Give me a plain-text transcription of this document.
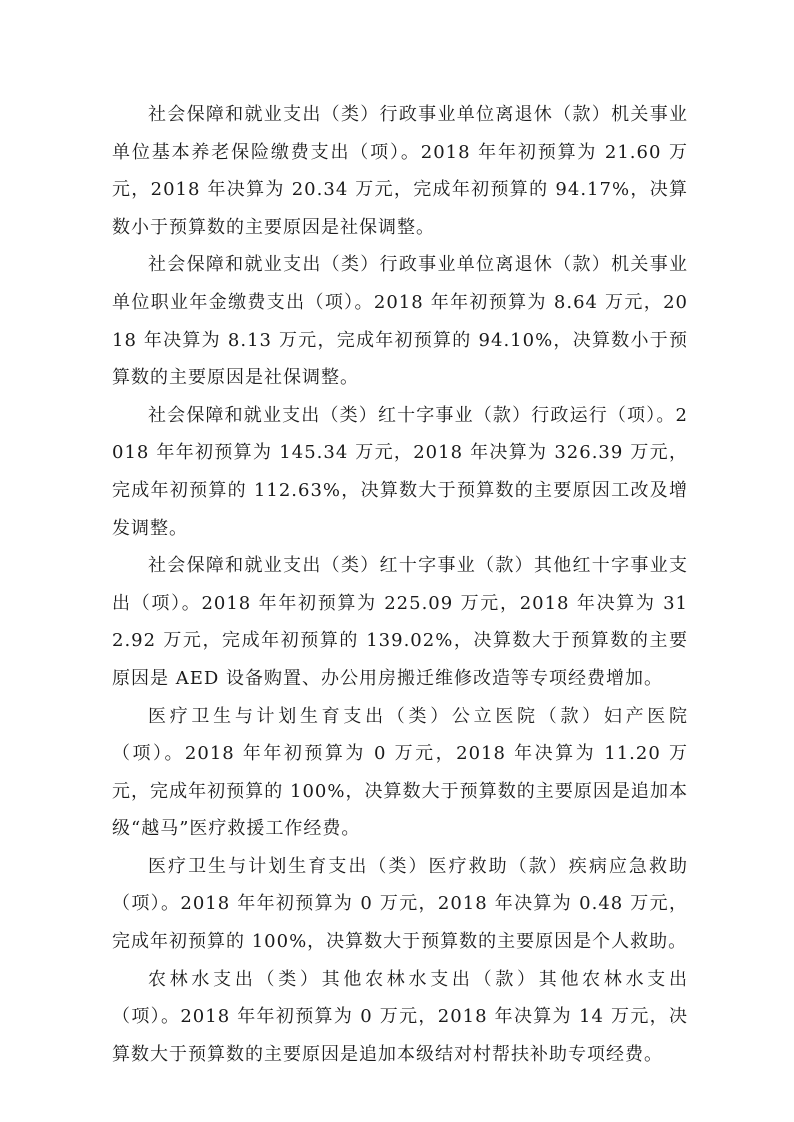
社会保障和就业支出（类）行政事业单位离退休（款）机关事业单位基本养老保险缴费支出（项）。2018 年年初预算为 21.60 万元，2018 年决算为 20.34 万元，完成年初预算的 94.17%，决算数小于预算数的主要原因是社保调整。

社会保障和就业支出（类）行政事业单位离退休（款）机关事业单位职业年金缴费支出（项）。2018 年年初预算为 8.64 万元，2018 年决算为 8.13 万元，完成年初预算的 94.10%，决算数小于预算数的主要原因是社保调整。

社会保障和就业支出（类）红十字事业（款）行政运行（项）。2018 年年初预算为 145.34 万元，2018 年决算为 326.39 万元，完成年初预算的 112.63%，决算数大于预算数的主要原因工改及增发调整。

社会保障和就业支出（类）红十字事业（款）其他红十字事业支出（项）。2018 年年初预算为 225.09 万元，2018 年决算为 312.92 万元，完成年初预算的 139.02%，决算数大于预算数的主要原因是 AED 设备购置、办公用房搬迁维修改造等专项经费增加。

医疗卫生与计划生育支出（类）公立医院（款）妇产医院（项）。2018 年年初预算为 0 万元，2018 年决算为 11.20 万元，完成年初预算的 100%，决算数大于预算数的主要原因是追加本级“越马”医疗救援工作经费。

医疗卫生与计划生育支出（类）医疗救助（款）疾病应急救助（项）。2018 年年初预算为 0 万元，2018 年决算为 0.48 万元，完成年初预算的 100%，决算数大于预算数的主要原因是个人救助。

农林水支出（类）其他农林水支出（款）其他农林水支出（项）。2018 年年初预算为 0 万元，2018 年决算为 14 万元，决算数大于预算数的主要原因是追加本级结对村帮扶补助专项经费。
